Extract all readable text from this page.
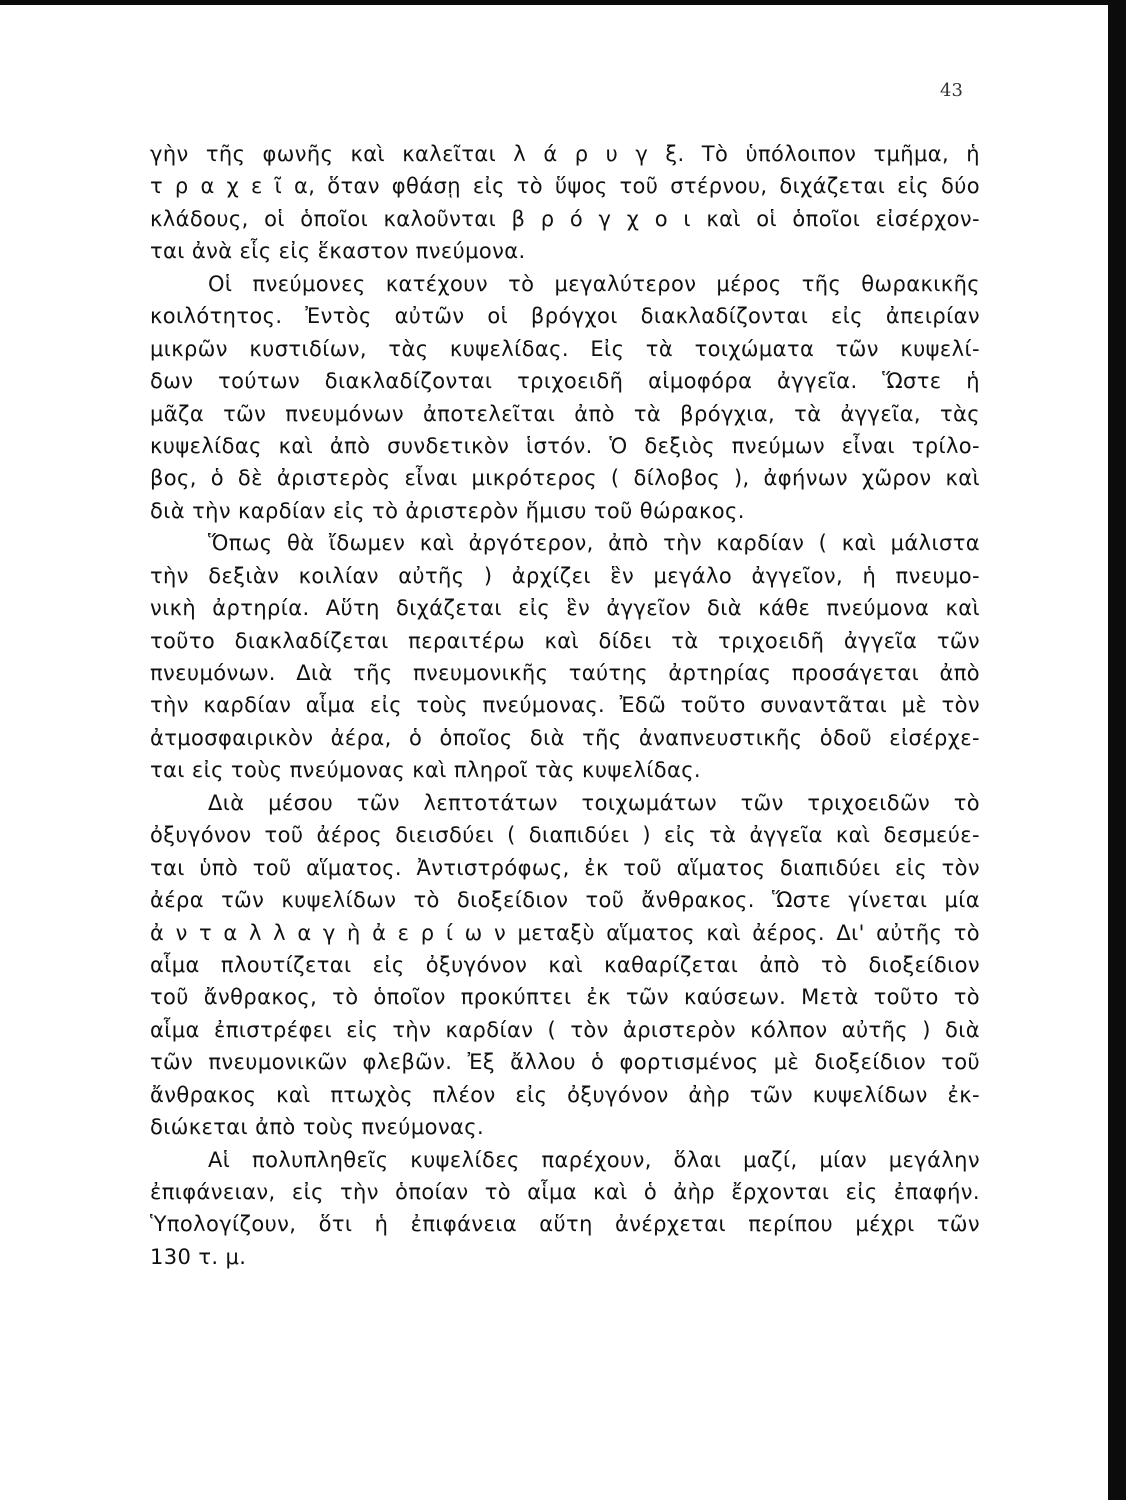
43
γὴν τῆς φωνῆς καὶ καλεῖται λ ά ρ υ γ ξ. Τὸ ὑπόλοιπον τμῆμα, ἡ
τ ρ α χ ε ῖ α, ὅταν φθάσῃ εἰς τὸ ὕψος τοῦ στέρνου, διχάζεται εἰς δύο
κλάδους, οἱ ὁποῖοι καλοῦνται β ρ ό γ χ ο ι καὶ οἱ ὁποῖοι εἰσέρχον-
ται ἀνὰ εἷς εἰς ἕκαστον πνεύμονα.
Οἱ πνεύμονες κατέχουν τὸ μεγαλύτερον μέρος τῆς θωρακικῆς
κοιλότητος. Ἐντὸς αὐτῶν οἱ βρόγχοι διακλαδίζονται εἰς ἀπειρίαν
μικρῶν κυστιδίων, τὰς κυψελίδας. Εἰς τὰ τοιχώματα τῶν κυψελί-
δων τούτων διακλαδίζονται τριχοειδῆ αἱμοφόρα ἀγγεῖα. Ὥστε ἡ
μᾶζα τῶν πνευμόνων ἀποτελεῖται ἀπὸ τὰ βρόγχια, τὰ ἀγγεῖα, τὰς
κυψελίδας καὶ ἀπὸ συνδετικὸν ἱστόν. Ὁ δεξιὸς πνεύμων εἶναι τρίλο-
βος, ὁ δὲ ἀριστερὸς εἶναι μικρότερος ( δίλοβος ), ἀφήνων χῶρον καὶ
διὰ τὴν καρδίαν εἰς τὸ ἀριστερὸν ἥμισυ τοῦ θώρακος.
Ὅπως θὰ ἴδωμεν καὶ ἀργότερον, ἀπὸ τὴν καρδίαν ( καὶ μάλιστα
τὴν δεξιὰν κοιλίαν αὐτῆς ) ἀρχίζει ἓν μεγάλο ἀγγεῖον, ἡ πνευμο-
νικὴ ἀρτηρία. Αὕτη διχάζεται εἰς ἓν ἀγγεῖον διὰ κάθε πνεύμονα καὶ
τοῦτο διακλαδίζεται περαιτέρω καὶ δίδει τὰ τριχοειδῆ ἀγγεῖα τῶν
πνευμόνων. Διὰ τῆς πνευμονικῆς ταύτης ἀρτηρίας προσάγεται ἀπὸ
τὴν καρδίαν αἷμα εἰς τοὺς πνεύμονας. Ἐδῶ τοῦτο συναντᾶται μὲ τὸν
ἀτμοσφαιρικὸν ἀέρα, ὁ ὁποῖος διὰ τῆς ἀναπνευστικῆς ὁδοῦ εἰσέρχε-
ται εἰς τοὺς πνεύμονας καὶ πληροῖ τὰς κυψελίδας.
Διὰ μέσου τῶν λεπτοτάτων τοιχωμάτων τῶν τριχοειδῶν τὸ
ὀξυγόνον τοῦ ἀέρος διεισδύει ( διαπιδύει ) εἰς τὰ ἀγγεῖα καὶ δεσμεύε-
ται ὑπὸ τοῦ αἵματος. Ἀντιστρόφως, ἐκ τοῦ αἵματος διαπιδύει εἰς τὸν
ἀέρα τῶν κυψελίδων τὸ διοξείδιον τοῦ ἄνθρακος. Ὥστε γίνεται μία
ἀ ν τ α λ λ α γ ὴ ἀ ε ρ ί ω ν μεταξὺ αἵματος καὶ ἀέρος. Δι' αὐτῆς τὸ
αἷμα πλουτίζεται εἰς ὀξυγόνον καὶ καθαρίζεται ἀπὸ τὸ διοξείδιον
τοῦ ἄνθρακος, τὸ ὁποῖον προκύπτει ἐκ τῶν καύσεων. Μετὰ τοῦτο τὸ
αἷμα ἐπιστρέφει εἰς τὴν καρδίαν ( τὸν ἀριστερὸν κόλπον αὐτῆς ) διὰ
τῶν πνευμονικῶν φλεβῶν. Ἐξ ἄλλου ὁ φορτισμένος μὲ διοξείδιον τοῦ
ἄνθρακος καὶ πτωχὸς πλέον εἰς ὀξυγόνον ἀὴρ τῶν κυψελίδων ἐκ-
διώκεται ἀπὸ τοὺς πνεύμονας.
Αἱ πολυπληθεῖς κυψελίδες παρέχουν, ὅλαι μαζί, μίαν μεγάλην
ἐπιφάνειαν, εἰς τὴν ὁποίαν τὸ αἷμα καὶ ὁ ἀὴρ ἔρχονται εἰς ἐπαφήν.
Ὑπολογίζουν, ὅτι ἡ ἐπιφάνεια αὕτη ἀνέρχεται περίπου μέχρι τῶν
130 τ. μ.
